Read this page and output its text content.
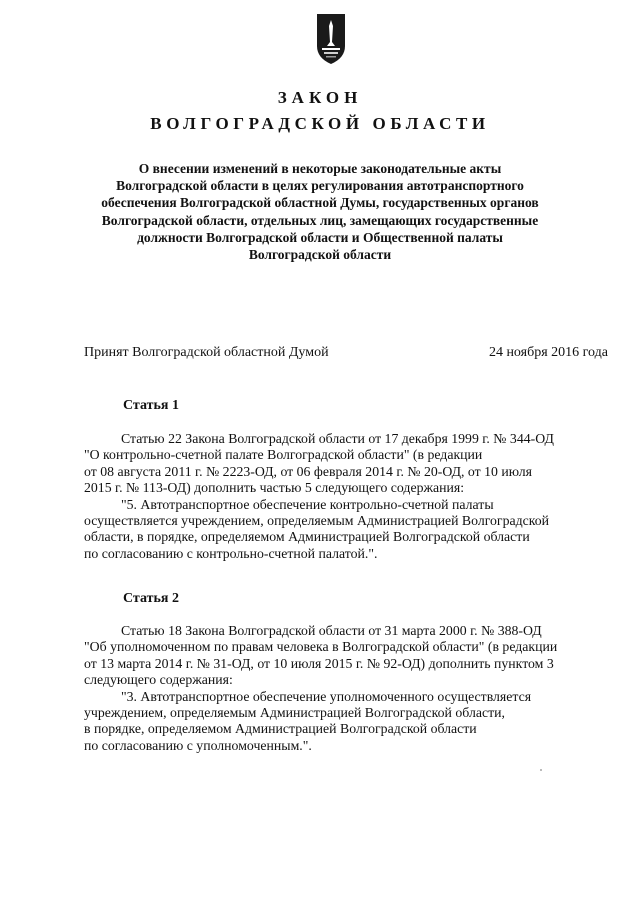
ЗАКОН
ВОЛГОГРАДСКОЙ ОБЛАСТИ
О внесении изменений в некоторые законодательные акты
Волгоградской области в целях регулирования автотранспортного
обеспечения Волгоградской областной Думы, государственных органов
Волгоградской области, отдельных лиц, замещающих государственные
должности Волгоградской области и Общественной палаты
Волгоградской области
Принят Волгоградской областной Думой	24 ноября 2016 года
Статья 1
Статью 22 Закона Волгоградской области от 17 декабря 1999 г. № 344-ОД
"О контрольно-счетной палате Волгоградской области" (в редакции
от 08 августа 2011 г. № 2223-ОД, от 06 февраля 2014 г. № 20-ОД, от 10 июля
2015 г. № 113-ОД) дополнить частью 5 следующего содержания:
"5. Автотранспортное обеспечение контрольно-счетной палаты
осуществляется учреждением, определяемым Администрацией Волгоградской
области, в порядке, определяемом Администрацией Волгоградской области
по согласованию с контрольно-счетной палатой.".
Статья 2
Статью 18 Закона Волгоградской области от 31 марта 2000 г. № 388-ОД
"Об уполномоченном по правам человека в Волгоградской области" (в редакции
от 13 марта 2014 г. № 31-ОД, от 10 июля 2015 г. № 92-ОД) дополнить пунктом 3
следующего содержания:
"3. Автотранспортное обеспечение уполномоченного осуществляется
учреждением, определяемым Администрацией Волгоградской области,
в порядке, определяемом Администрацией Волгоградской области
по согласованию с уполномоченным.".
